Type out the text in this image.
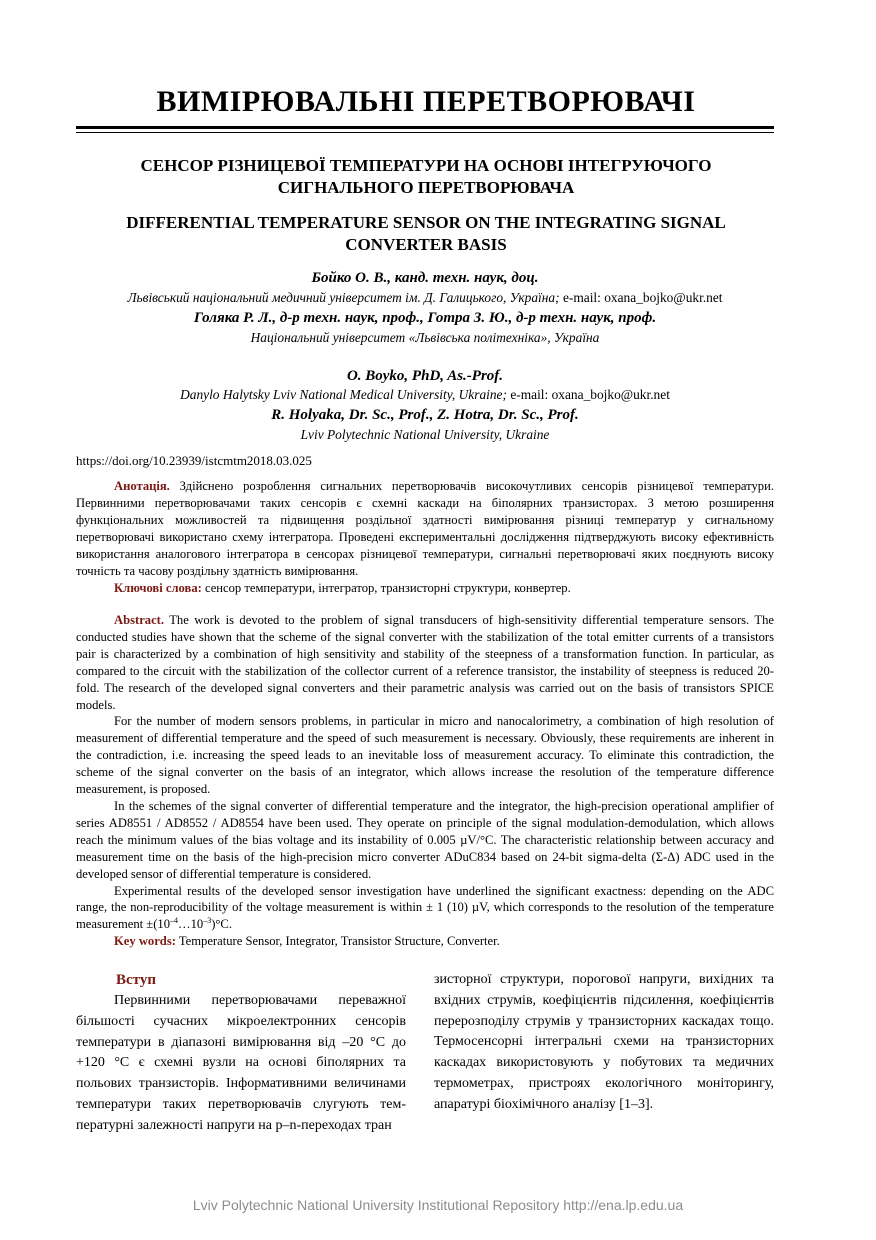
ВИМІРЮВАЛЬНІ ПЕРЕТВОРЮВАЧІ
СЕНСОР РІЗНИЦЕВОЇ ТЕМПЕРАТУРИ НА ОСНОВІ ІНТЕГРУЮЧОГО
СИГНАЛЬНОГО ПЕРЕТВОРЮВАЧА
DIFFERENTIAL TEMPERATURE SENSOR ON THE INTEGRATING SIGNAL
CONVERTER BASIS
Бойко О. В., канд. техн. наук, доц.
Львівський національний медичний університет ім. Д. Галицького, Україна; e-mail: oxana_bojko@ukr.net
Голяка Р. Л., д-р техн. наук, проф., Готра З. Ю., д-р техн. наук, проф.
Національний університет «Львівська політехніка», Україна
O. Boyko, PhD, As.-Prof.
Danylo Halytsky Lviv National Medical University, Ukraine; e-mail: oxana_bojko@ukr.net
R. Holyaka, Dr. Sc., Prof., Z. Hotra, Dr. Sc., Prof.
Lviv Polytechnic National University, Ukraine
https://doi.org/10.23939/istcmtm2018.03.025

Анотація. Здійснено розроблення сигнальних перетворювачів високочутливих сенсорів різницевої температури. Первинними перетворювачами таких сенсорів є схемні каскади на біполярних транзисторах. З метою розширення функціональних можливостей та підвищення роздільної здатності вимірювання різниці температур у сигнальному перетворювачі використано схему інтегратора. Проведені експериментальні дослідження підтверджують високу ефективність використання аналогового інтегратора в сенсорах різницевої температури, сигнальні перетворювачі яких поєднують високу точність та часову роздільну здатність вимірювання.

Ключові слова: сенсор температури, інтегратор, транзисторні структури, конвертер.

Abstract. The work is devoted to the problem of signal transducers of high-sensitivity differential temperature sensors. The conducted studies have shown that the scheme of the signal converter with the stabilization of the total emitter currents of a transistors pair is characterized by a combination of high sensitivity and stability of the steepness of a transformation function. In particular, as compared to the circuit with the stabilization of the collector current of a reference transistor, the instability of steepness is reduced 20-fold. The research of the developed signal converters and their parametric analysis was carried out on the basis of transistors SPICE models.

For the number of modern sensors problems, in particular in micro and nanocalorimetry, a combination of high resolution of measurement of differential temperature and the speed of such measurement is necessary. Obviously, these requirements are inherent in the contradiction, i.e. increasing the speed leads to an inevitable loss of measurement accuracy. To eliminate this contradiction, the scheme of the signal converter on the basis of an integrator, which allows increase the resolution of the temperature difference measurement, is proposed.

In the schemes of the signal converter of differential temperature and the integrator, the high-precision operational amplifier of series AD8551 / AD8552 / AD8554 have been used. They operate on principle of the signal modulation-demodulation, which allows reach the minimum values of the bias voltage and its instability of 0.005 µV/°C. The characteristic relationship between accuracy and measurement time on the basis of the high-precision micro converter ADuC834 based on 24-bit sigma-delta (Σ-Δ) ADC used in the developed sensor of differential temperature is considered.

Experimental results of the developed sensor investigation have underlined the significant exactness: depending on the ADC range, the non-reproducibility of the voltage measurement is within ± 1 (10) µV, which corresponds to the resolution of the temperature measurement $\pm(10^{-4}\dots 10^{-3})^\circ C$.

Key words: Temperature Sensor, Integrator, Transistor Structure, Converter.

Вступ

Первинними перетворювачами переважної більшості сучасних мікроелектронних сенсорів температури в діапазоні вимірювання від –20 °С до +120 °С є схемні вузли на основі біполярних та польових транзисторів. Інформативними величинами температури таких перетворювачів слугують температурні залежності напруги на p–n-переходах тран

зисторної структури, порогової напруги, вихідних та вхідних струмів, коефіцієнтів підсилення, коефіцієнтів перерозподілу струмів у транзисторних каскадах тощо. Термосенсорні інтегральні схеми на транзисторних каскадах використовують у побутових та медичних термометрах, пристроях екологічного моніторингу, апаратурі біохімічного аналізу [1–3].

Lviv Polytechnic National University Institutional Repository http://ena.lp.edu.ua
